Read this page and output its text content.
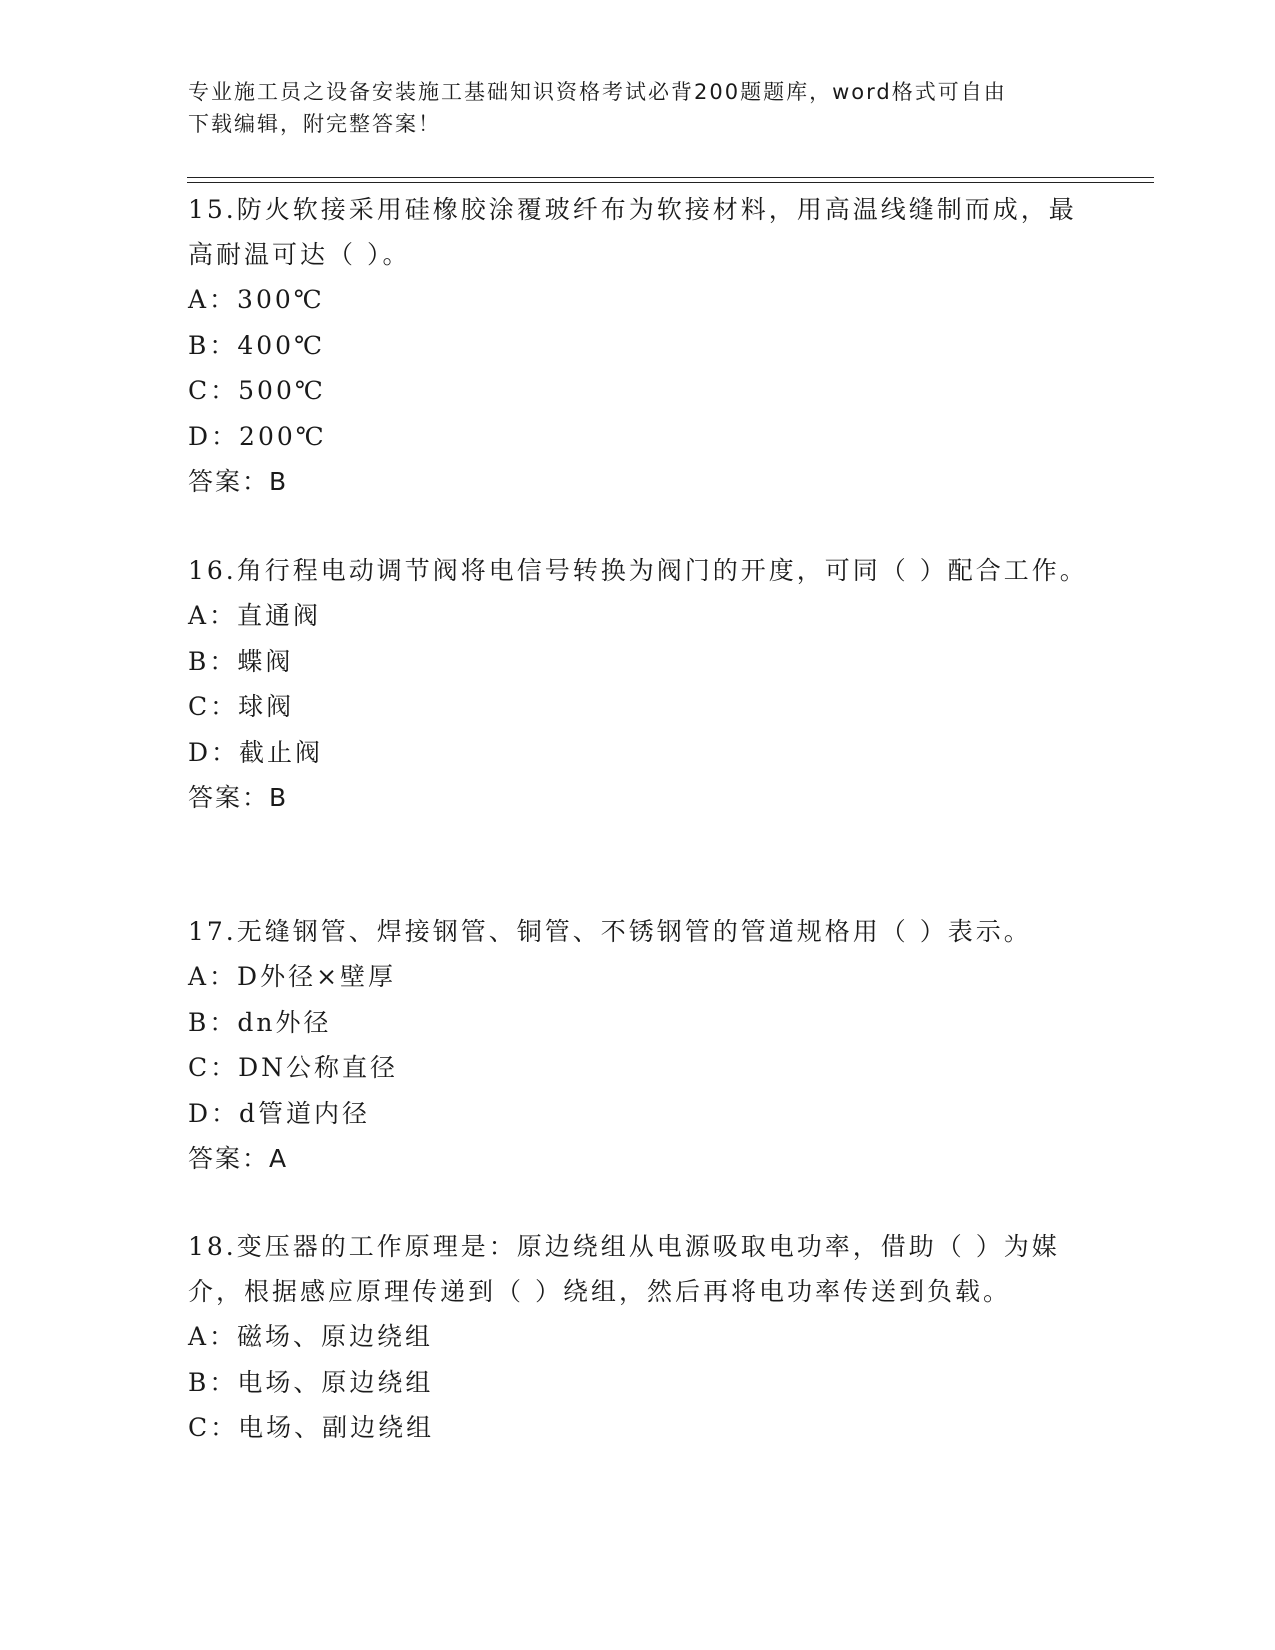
专业施工员之设备安装施工基础知识资格考试必背200题题库，word格式可自由
下载编辑，附完整答案！
15.防火软接采用硅橡胶涂覆玻纤布为软接材料，用高温线缝制而成，最高耐温可达（ ）。
A：300℃
B：400℃
C：500℃
D：200℃
答案：B
16.角行程电动调节阀将电信号转换为阀门的开度，可同（ ）配合工作。
A：直通阀
B：蝶阀
C：球阀
D：截止阀
答案：B
17.无缝钢管、焊接钢管、铜管、不锈钢管的管道规格用（ ）表示。
A：D外径×壁厚
B：dn外径
C：DN公称直径
D：d管道内径
答案：A
18.变压器的工作原理是：原边绕组从电源吸取电功率，借助（ ）为媒介，根据感应原理传递到（ ）绕组，然后再将电功率传送到负载。
A：磁场、原边绕组
B：电场、原边绕组
C：电场、副边绕组
